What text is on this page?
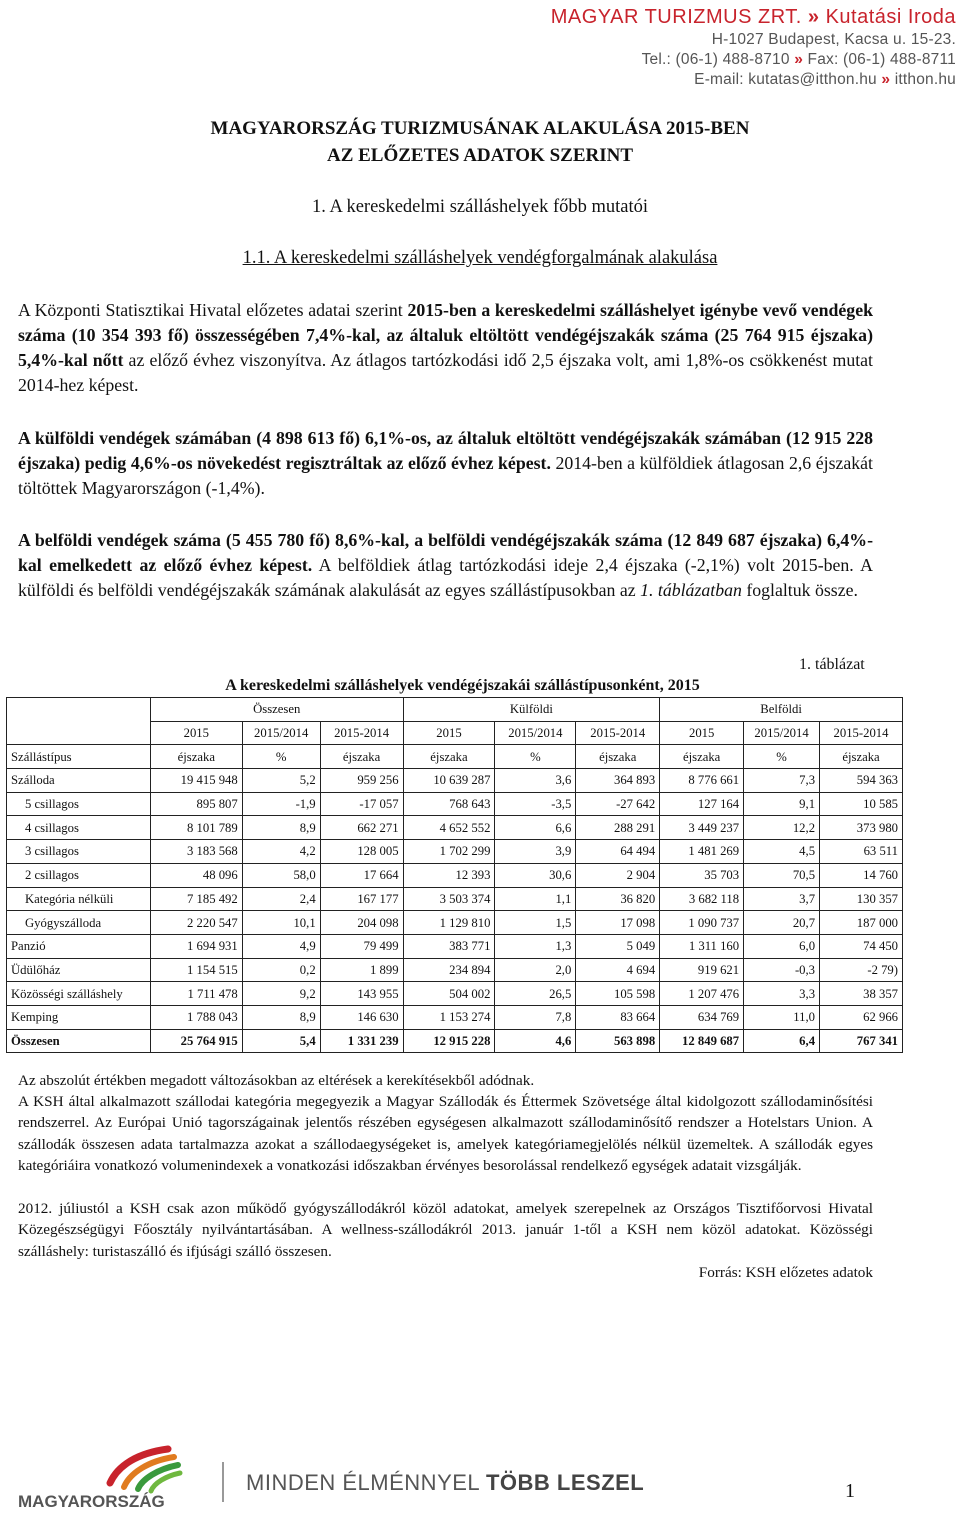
MAGYAR TURIZMUS ZRT. » Kutatási Iroda
H-1027 Budapest, Kacsa u. 15-23.
Tel.: (06-1) 488-8710 » Fax: (06-1) 488-8711
E-mail: kutatas@itthon.hu » itthon.hu
MAGYARORSZÁG TURIZMUSÁNAK ALAKULÁSA 2015-BEN
AZ ELŐZETES ADATOK SZERINT
1. A kereskedelmi szálláshelyek főbb mutatói
1.1. A kereskedelmi szálláshelyek vendégforgalmának alakulása
A Központi Statisztikai Hivatal előzetes adatai szerint 2015-ben a kereskedelmi szálláshelyet igénybe vevő vendégek száma (10 354 393 fő) összességében 7,4%-kal, az általuk eltöltött vendégéjszakák száma (25 764 915 éjszaka) 5,4%-kal nőtt az előző évhez viszonyítva. Az átlagos tartózkodási idő 2,5 éjszaka volt, ami 1,8%-os csökkenést mutat 2014-hez képest.
A külföldi vendégek számában (4 898 613 fő) 6,1%-os, az általuk eltöltött vendégéjszakák számában (12 915 228 éjszaka) pedig 4,6%-os növekedést regisztráltak az előző évhez képest. 2014-ben a külföldiek átlagosan 2,6 éjszakát töltöttek Magyarországon (-1,4%).
A belföldi vendégek száma (5 455 780 fő) 8,6%-kal, a belföldi vendégéjszakák száma (12 849 687 éjszaka) 6,4%-kal emelkedett az előző évhez képest. A belföldiek átlag tartózkodási ideje 2,4 éjszaka (-2,1%) volt 2015-ben. A külföldi és belföldi vendégéjszakák számának alakulását az egyes szállástípusokban az 1. táblázatban foglaltuk össze.
1. táblázat
A kereskedelmi szálláshelyek vendégéjszakái szállástípusonként, 2015
	Összesen			Külföldi			Belföldi		
	2015	2015/2014	2015-2014	2015	2015/2014	2015-2014	2015	2015/2014	2015-2014
Szállástípus	éjszaka	%	éjszaka	éjszaka	%	éjszaka	éjszaka	%	éjszaka
Szálloda	19 415 948	5,2	959 256	10 639 287	3,6	364 893	8 776 661	7,3	594 363
5 csillagos	895 807	-1,9	-17 057	768 643	-3,5	-27 642	127 164	9,1	10 585
4 csillagos	8 101 789	8,9	662 271	4 652 552	6,6	288 291	3 449 237	12,2	373 980
3 csillagos	3 183 568	4,2	128 005	1 702 299	3,9	64 494	1 481 269	4,5	63 511
2 csillagos	48 096	58,0	17 664	12 393	30,6	2 904	35 703	70,5	14 760
Kategória nélküli	7 185 492	2,4	167 177	3 503 374	1,1	36 820	3 682 118	3,7	130 357
Gyógyszálloda	2 220 547	10,1	204 098	1 129 810	1,5	17 098	1 090 737	20,7	187 000
Panzió	1 694 931	4,9	79 499	383 771	1,3	5 049	1 311 160	6,0	74 450
Üdülőház	1 154 515	0,2	1 899	234 894	2,0	4 694	919 621	-0,3	-2 79)
Közösségi szálláshely	1 711 478	9,2	143 955	504 002	26,5	105 598	1 207 476	3,3	38 357
Kemping	1 788 043	8,9	146 630	1 153 274	7,8	83 664	634 769	11,0	62 966
Összesen	25 764 915	5,4	1 331 239	12 915 228	4,6	563 898	12 849 687	6,4	767 341
Az abszolút értékben megadott változásokban az eltérések a kerekítésekből adódnak.
A KSH által alkalmazott szállodai kategória megegyezik a Magyar Szállodák és Éttermek Szövetsége által kidolgozott szállodaminősítési rendszerrel. Az Európai Unió tagországainak jelentős részében egységesen alkalmazott szállodaminősítő rendszer a Hotelstars Union. A szállodák összesen adata tartalmazza azokat a szállodaegységeket is, amelyek kategóriamegjelölés nélkül üzemeltek. A szállodák egyes kategóriáira vonatkozó volumenindexek a vonatkozási időszakban érvényes besorolással rendelkező egységek adatait vizsgálják.
2012. júliustól a KSH csak azon működő gyógyszállodákról közöl adatokat, amelyek szerepelnek az Országos Tisztifőorvosi Hivatal Közegészségügyi Főosztály nyilvántartásában. A wellness-szállodákról 2013. január 1-től a KSH nem közöl adatokat. Közösségi szálláshely: turistaszálló és ifjúsági szálló összesen.
Forrás: KSH előzetes adatok
MAGYARORSZÁG
MINDEN ÉLMÉNNYEL TÖBB LESZEL	1
